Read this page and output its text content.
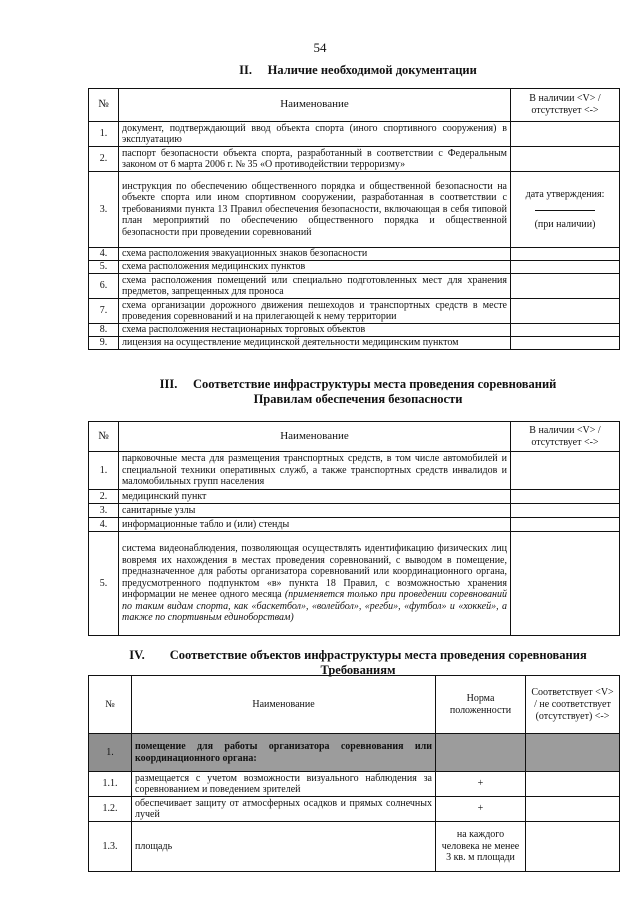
54
II.     Наличие необходимой документации
№	Наименование	В наличии <V> / отсутствует <->
1.	документ, подтверждающий ввод объекта спорта (иного спортивного сооружения) в эксплуатацию	
2.	паспорт безопасности объекта спорта, разработанный в соответствии с Федеральным законом от 6 марта 2006 г. № 35 «О противодействии терроризму»	
3.	инструкция по обеспечению общественного порядка и общественной безопасности на объекте спорта или ином спортивном сооружении, разработанная в соответствии с требованиями пункта 13 Правил обеспечения безопасности, включающая в себя типовой план мероприятий по обеспечению общественного порядка и общественной безопасности при проведении соревнований	дата утверждения:
(при наличии)

4.	схема расположения эвакуационных знаков безопасности	
5.	схема расположения медицинских пунктов	
6.	схема расположения помещений или специально подготовленных мест для хранения предметов, запрещенных для проноса	
7.	схема организации дорожного движения пешеходов и транспортных средств в месте проведения соревнований и на прилегающей к нему территории	
8.	схема расположения нестационарных торговых объектов	
9.	лицензия на осуществление медицинской деятельности медицинским пунктом	
III.     Соответствие инфраструктуры места проведения соревнований
Правилам обеспечения безопасности
№	Наименование	В наличии <V> / отсутствует <->
1.	парковочные места для размещения транспортных средств, в том числе автомобилей и специальной техники оперативных служб, а также транспортных средств инвалидов и маломобильных групп населения	
2.	медицинский пункт	
3.	санитарные узлы	
4.	информационные табло и (или) стенды	
5.	система видеонаблюдения, позволяющая осуществлять идентификацию физических лиц вовремя их нахождения в местах проведения соревнований, с выводом в помещение, предназначенное для работы организатора соревнований или координационного органа, предусмотренного подпунктом «в» пункта 18 Правил, с возможностью хранения информации не менее одного месяца (применяется только при проведении соревнований по таким видам спорта, как «баскетбол», «волейбол», «регби», «футбол» и «хоккей», а также по спортивным единоборствам)	
IV.        Соответствие объектов инфраструктуры места проведения соревнования
Требованиям
№	Наименование	Норма положенности	Соответствует <V> / не соответствует (отсутствует) <->
1.	помещение для работы организатора соревнования или координационного органа:		
1.1.	размещается с учетом возможности визуального наблюдения за соревнованием и поведением зрителей	+	
1.2.	обеспечивает защиту от атмосферных осадков и прямых солнечных лучей	+	
1.3.	площадь	на каждого человека не менее 3 кв. м площади	
